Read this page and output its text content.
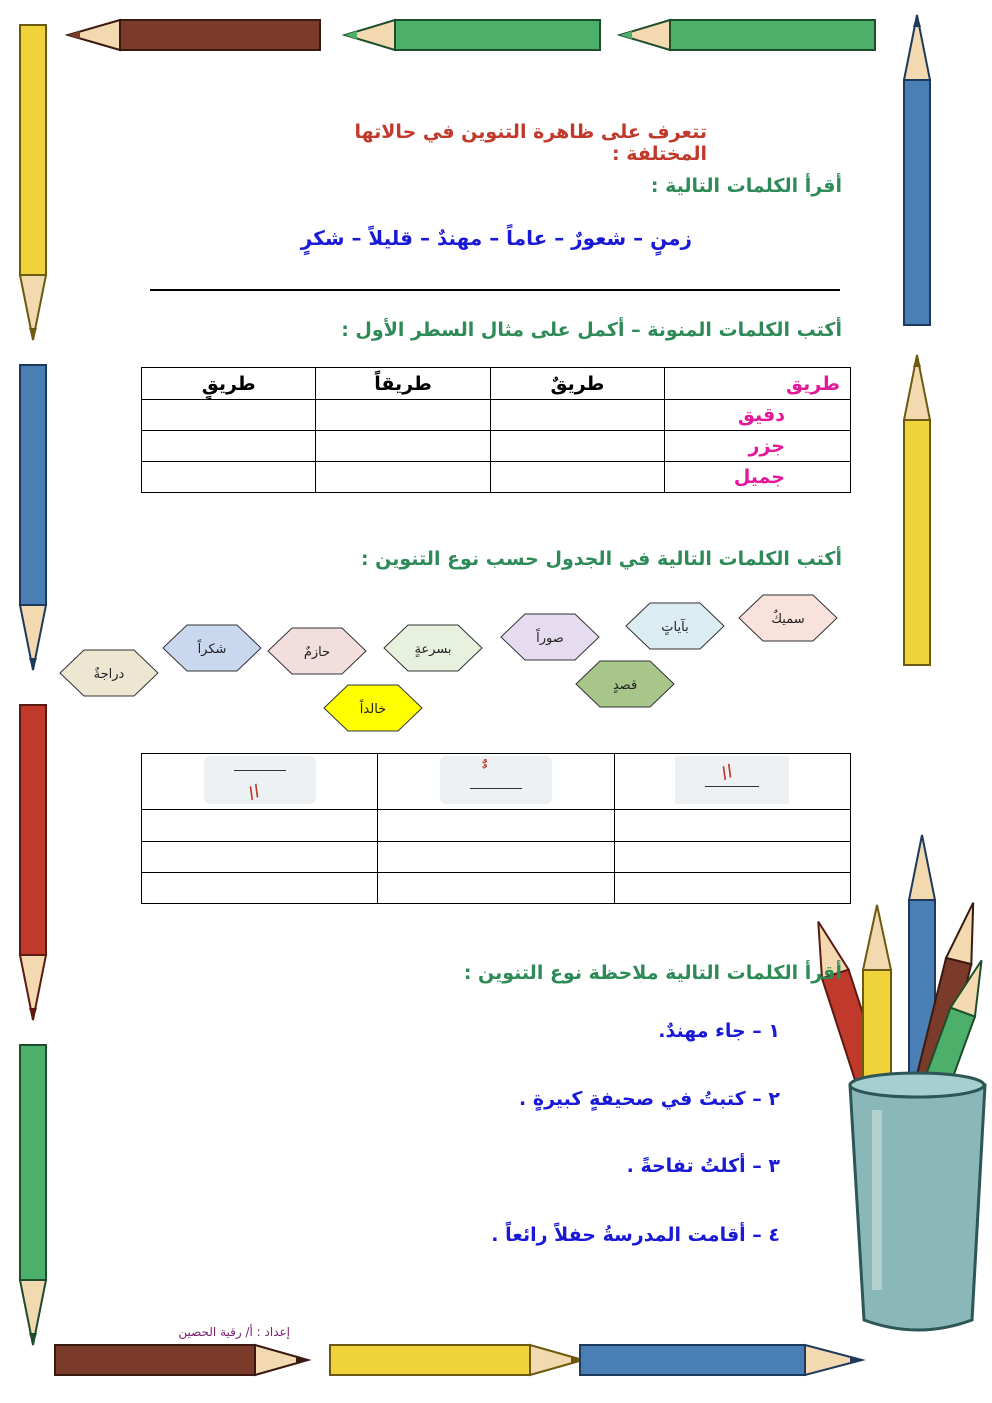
تتعرف على ظاهرة التنوين في حالاتها المختلفة :
أقرأ الكلمات التالية :
زمنٍ – شعورٌ – عاماً – مهندٌ – قليلاً – شكرٍ
أكتب الكلمات المنونة – أكمل على مثال السطر الأول :
طريق	طريقٌ	طريقاً	طريقٍ
دقيق			
جزر			
جميل			
أكتب الكلمات التالية في الجدول حسب نوع التنوين :
سميكٌ
بآياتٍ
صوراً
قصدٍ
بسرعةٍ
حازمٌ
شكراً
دراجةٌ
خالداً
//	ٌ ٌ	//

أقرأ الكلمات التالية ملاحظة نوع التنوين :
١ – جاء مهندٌ.
٢ – كتبتُ في صحيفةٍ كبيرةٍ .
٣ – أكلتُ تفاحةً .
٤ – أقامت المدرسةُ حفلاً رائعاً .
إعداد : أ/ رقية الحصين
